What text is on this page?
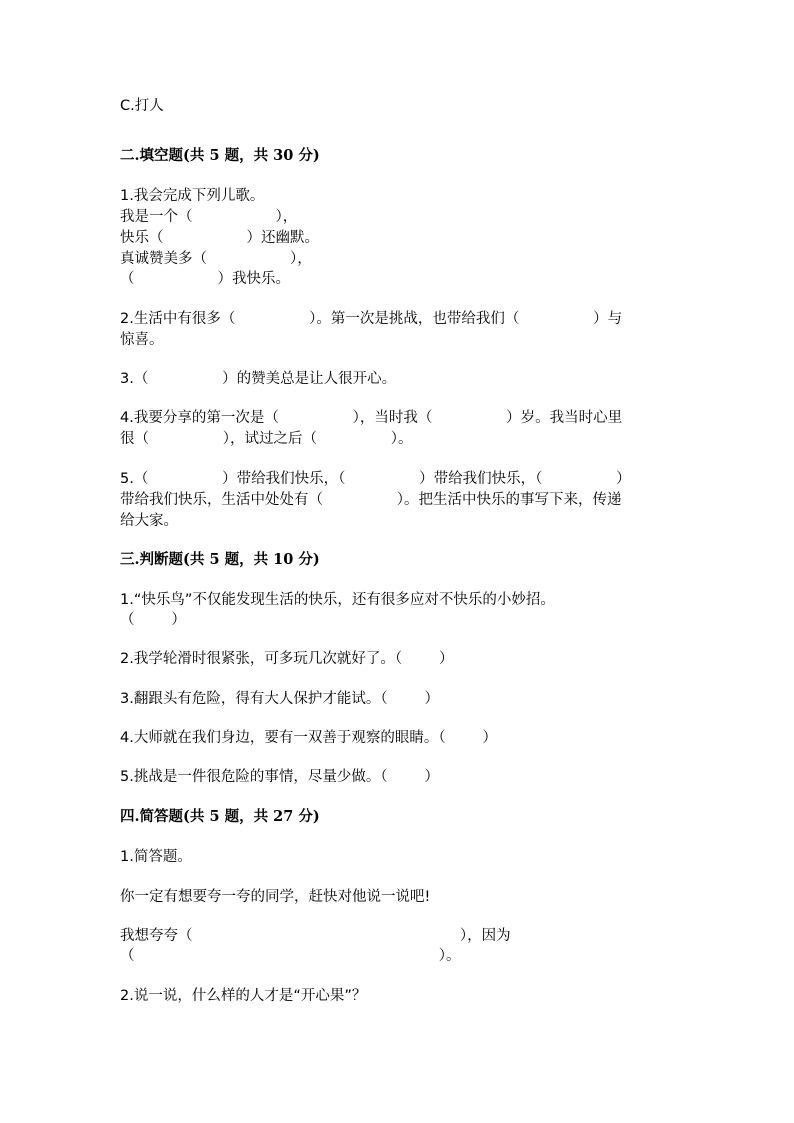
C.打人

二.填空题(共 5 题，共 30 分)

1.我会完成下列儿歌。

我是一个（                  ），

快乐（                  ）还幽默。

真诚赞美多（                  ），

（                  ）我快乐。

2.生活中有很多（                ）。第一次是挑战，也带给我们（                ）与

惊喜。

3.（                ）的赞美总是让人很开心。

4.我要分享的第一次是（                ），当时我（                ）岁。我当时心里

很（                ），试过之后（                ）。

5.（                ）带给我们快乐，（                ）带给我们快乐，（                ）

带给我们快乐，生活中处处有（                ）。把生活中快乐的事写下来，传递

给大家。

三.判断题(共 5 题，共 10 分)

1.“快乐鸟”不仅能发现生活的快乐，还有很多应对不快乐的小妙招。

（        ）

2.我学轮滑时很紧张，可多玩几次就好了。（        ）

3.翻跟头有危险，得有大人保护才能试。（        ）

4.大师就在我们身边，要有一双善于观察的眼睛。（        ）

5.挑战是一件很危险的事情，尽量少做。（        ）

四.简答题(共 5 题，共 27 分)

1.简答题。

你一定有想要夸一夸的同学，赶快对他说一说吧!

我想夸夸（                                                          ），因为

（                                                                  ）。

2.说一说，什么样的人才是“开心果”？
